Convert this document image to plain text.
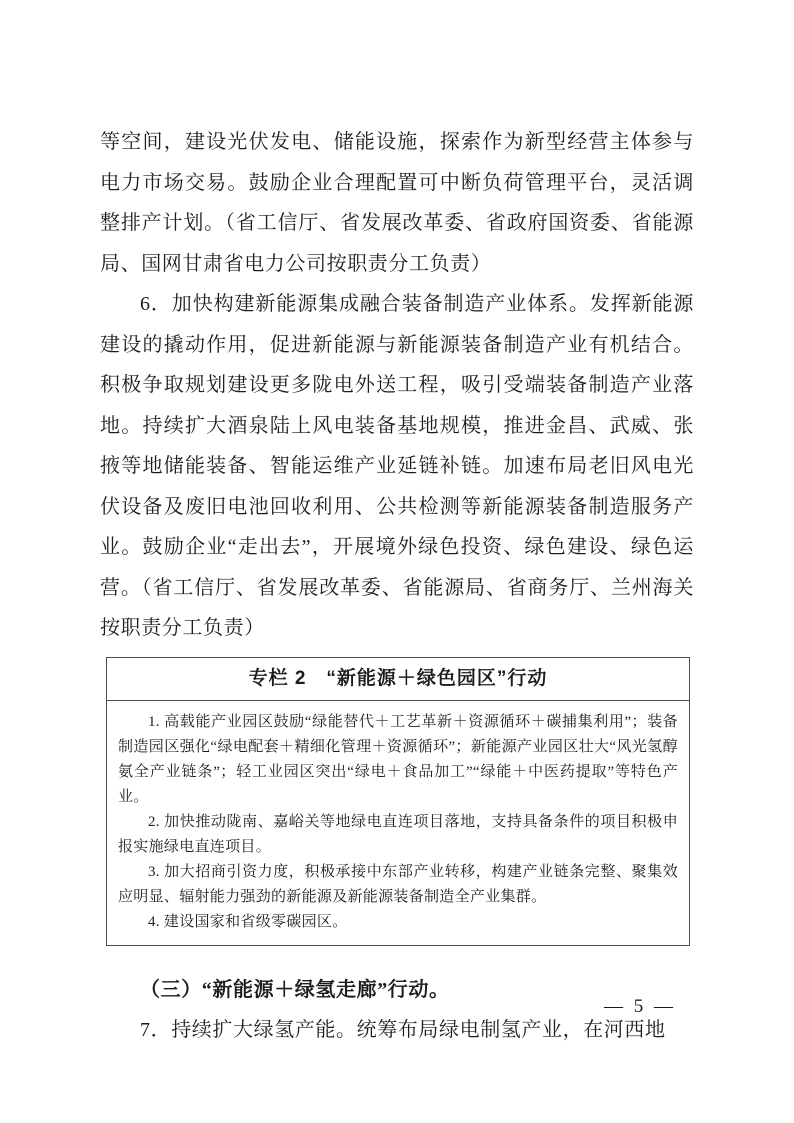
等空间，建设光伏发电、储能设施，探索作为新型经营主体参与电力市场交易。鼓励企业合理配置可中断负荷管理平台，灵活调整排产计划。（省工信厅、省发展改革委、省政府国资委、省能源局、国网甘肃省电力公司按职责分工负责）

6．加快构建新能源集成融合装备制造产业体系。发挥新能源建设的撬动作用，促进新能源与新能源装备制造产业有机结合。积极争取规划建设更多陇电外送工程，吸引受端装备制造产业落地。持续扩大酒泉陆上风电装备基地规模，推进金昌、武威、张掖等地储能装备、智能运维产业延链补链。加速布局老旧风电光伏设备及废旧电池回收利用、公共检测等新能源装备制造服务产业。鼓励企业“走出去”，开展境外绿色投资、绿色建设、绿色运营。（省工信厅、省发展改革委、省能源局、省商务厅、兰州海关按职责分工负责）

专栏 2　“新能源＋绿色园区”行动

1. 高载能产业园区鼓励“绿能替代＋工艺革新＋资源循环＋碳捕集利用”；装备制造园区强化“绿电配套＋精细化管理＋资源循环”；新能源产业园区壮大“风光氢醇氨全产业链条”；轻工业园区突出“绿电＋食品加工”“绿能＋中医药提取”等特色产业。

2. 加快推动陇南、嘉峪关等地绿电直连项目落地，支持具备条件的项目积极申报实施绿电直连项目。

3. 加大招商引资力度，积极承接中东部产业转移，构建产业链条完整、聚集效应明显、辐射能力强劲的新能源及新能源装备制造全产业集群。

4. 建设国家和省级零碳园区。

（三）“新能源＋绿氢走廊”行动。

7．持续扩大绿氢产能。统筹布局绿电制氢产业，在河西地

— 5 —
